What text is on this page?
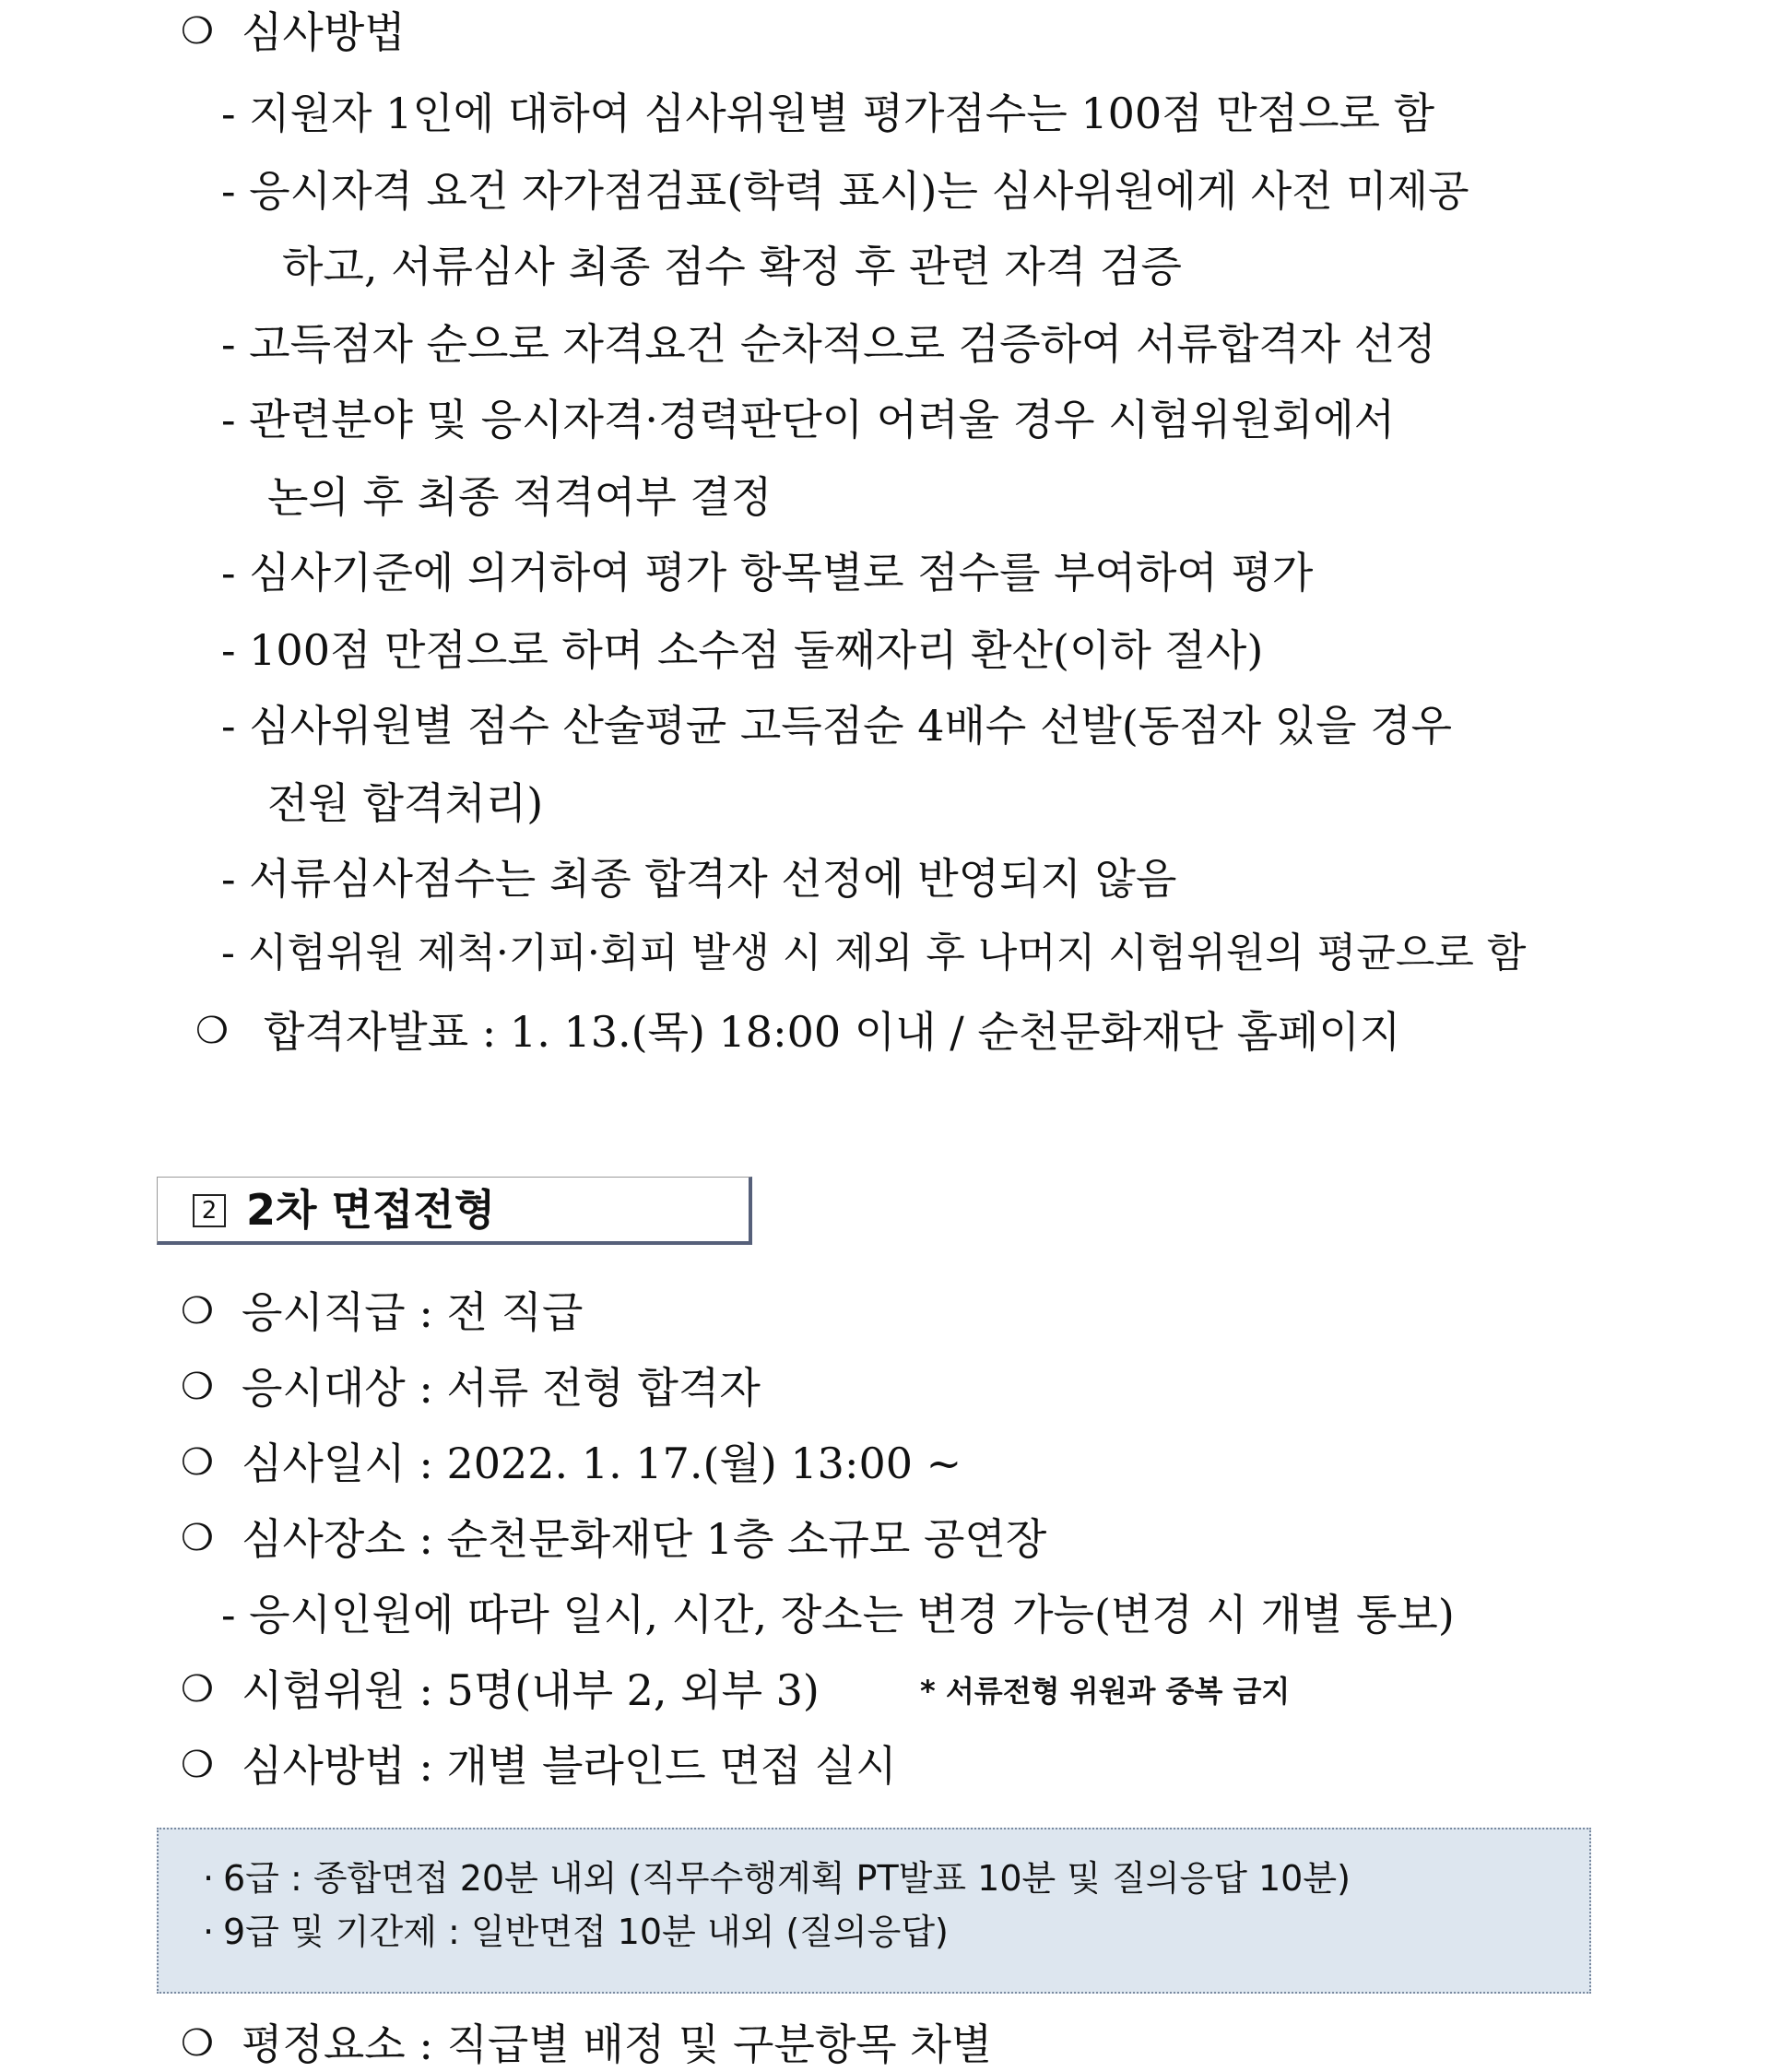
❍ 심사방법
- 지원자 1인에 대하여 심사위원별 평가점수는 100점 만점으로 함
- 응시자격 요건 자가점검표(학력 표시)는 심사위원에게 사전 미제공
하고, 서류심사 최종 점수 확정 후 관련 자격 검증
- 고득점자 순으로 자격요건 순차적으로 검증하여 서류합격자 선정
- 관련분야 및 응시자격·경력판단이 어려울 경우 시험위원회에서
논의 후 최종 적격여부 결정
- 심사기준에 의거하여 평가 항목별로 점수를 부여하여 평가
- 100점 만점으로 하며 소수점 둘째자리 환산(이하 절사)
- 심사위원별 점수 산술평균 고득점순 4배수 선발(동점자 있을 경우
전원 합격처리)
- 서류심사점수는 최종 합격자 선정에 반영되지 않음
- 시험위원 제척·기피·회피 발생 시 제외 후 나머지 시험위원의 평균으로 함
❍ 합격자발표 : 1. 13.(목) 18:00 이내 / 순천문화재단 홈페이지
2 2차 면접전형
❍ 응시직급 : 전 직급
❍ 응시대상 : 서류 전형 합격자
❍ 심사일시 : 2022. 1. 17.(월) 13:00 ~
❍ 심사장소 : 순천문화재단 1층 소규모 공연장
- 응시인원에 따라 일시, 시간, 장소는 변경 가능(변경 시 개별 통보)
❍ 시험위원 : 5명(내부 2, 외부 3)	* 서류전형 위원과 중복 금지
❍ 심사방법 : 개별 블라인드 면접 실시
· 6급 : 종합면접 20분 내외 (직무수행계획 PT발표 10분 및 질의응답 10분)
· 9급 및 기간제 : 일반면접 10분 내외 (질의응답)
❍ 평정요소 : 직급별 배정 및 구분항목 차별
